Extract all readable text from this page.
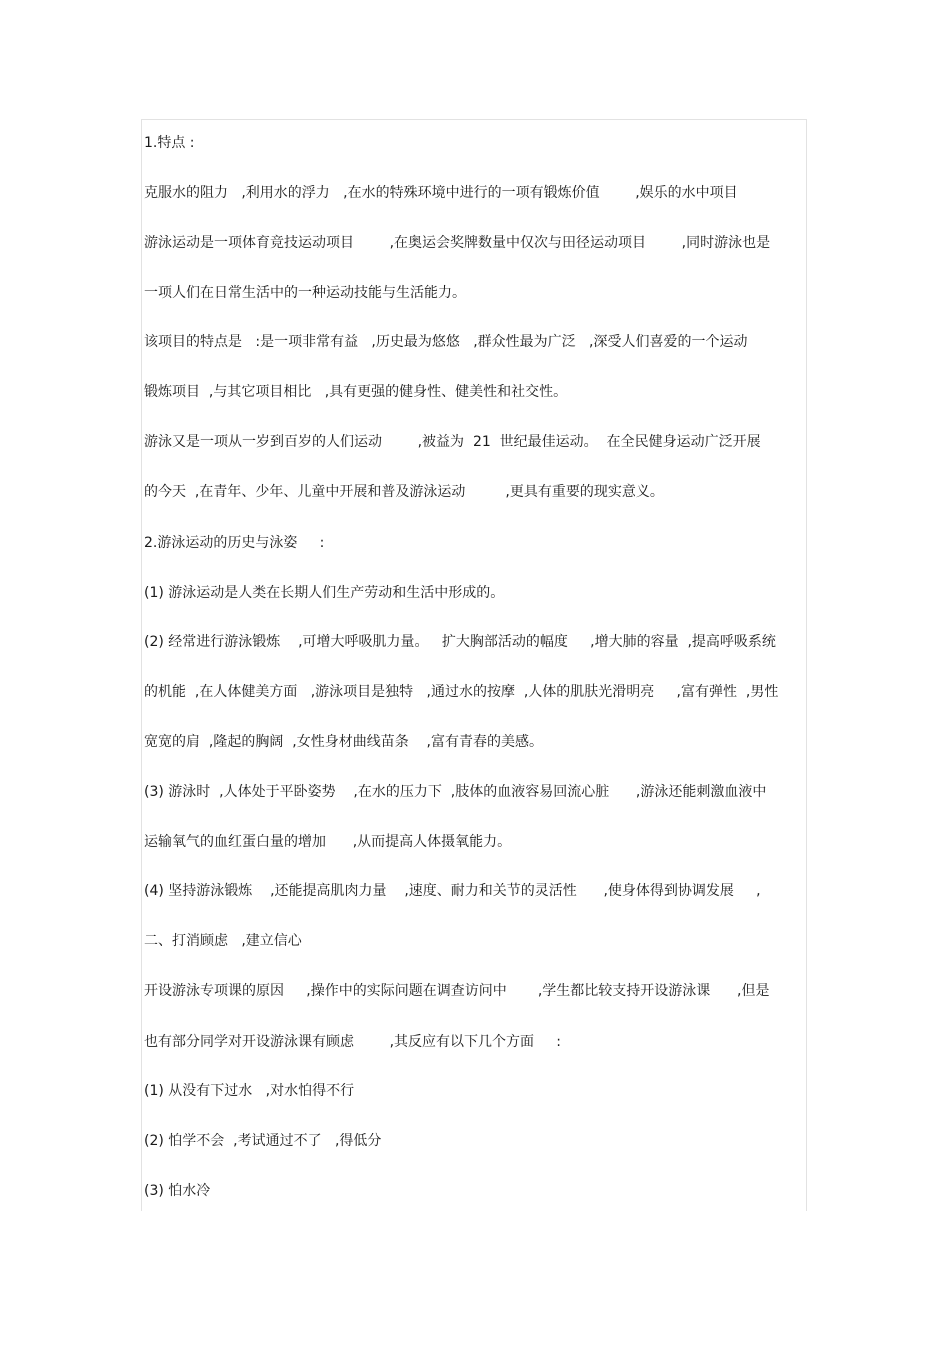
1.特点 :
克服水的阻力   ,利用水的浮力   ,在水的特殊环境中进行的一项有锻炼价值        ,娱乐的水中项目
游泳运动是一项体育竞技运动项目        ,在奥运会奖牌数量中仅次与田径运动项目        ,同时游泳也是
一项人们在日常生活中的一种运动技能与生活能力。
该项目的特点是   :是一项非常有益   ,历史最为悠悠   ,群众性最为广泛   ,深受人们喜爱的一个运动
锻炼项目  ,与其它项目相比   ,具有更强的健身性、健美性和社交性。
游泳又是一项从一岁到百岁的人们运动        ,被益为  21  世纪最佳运动。  在全民健身运动广泛开展
的今天  ,在青年、少年、儿童中开展和普及游泳运动         ,更具有重要的现实意义。
2.游泳运动的历史与泳姿     :
(1) 游泳运动是人类在长期人们生产劳动和生活中形成的。
(2) 经常进行游泳锻炼    ,可增大呼吸肌力量。   扩大胸部活动的幅度     ,增大肺的容量  ,提高呼吸系统
的机能  ,在人体健美方面   ,游泳项目是独特   ,通过水的按摩  ,人体的肌肤光滑明亮     ,富有弹性  ,男性
宽宽的肩  ,隆起的胸阔  ,女性身材曲线苗条    ,富有青春的美感。
(3) 游泳时  ,人体处于平卧姿势    ,在水的压力下  ,肢体的血液容易回流心脏      ,游泳还能刺激血液中
运输氧气的血红蛋白量的增加      ,从而提高人体摄氧能力。
(4) 坚持游泳锻炼    ,还能提高肌肉力量    ,速度、耐力和关节的灵活性      ,使身体得到协调发展     ,
二、打消顾虑   ,建立信心
开设游泳专项课的原因     ,操作中的实际问题在调查访问中       ,学生都比较支持开设游泳课      ,但是
也有部分同学对开设游泳课有顾虑        ,其反应有以下几个方面     :
(1) 从没有下过水   ,对水怕得不行
(2) 怕学不会  ,考试通过不了   ,得低分
(3) 怕水冷
